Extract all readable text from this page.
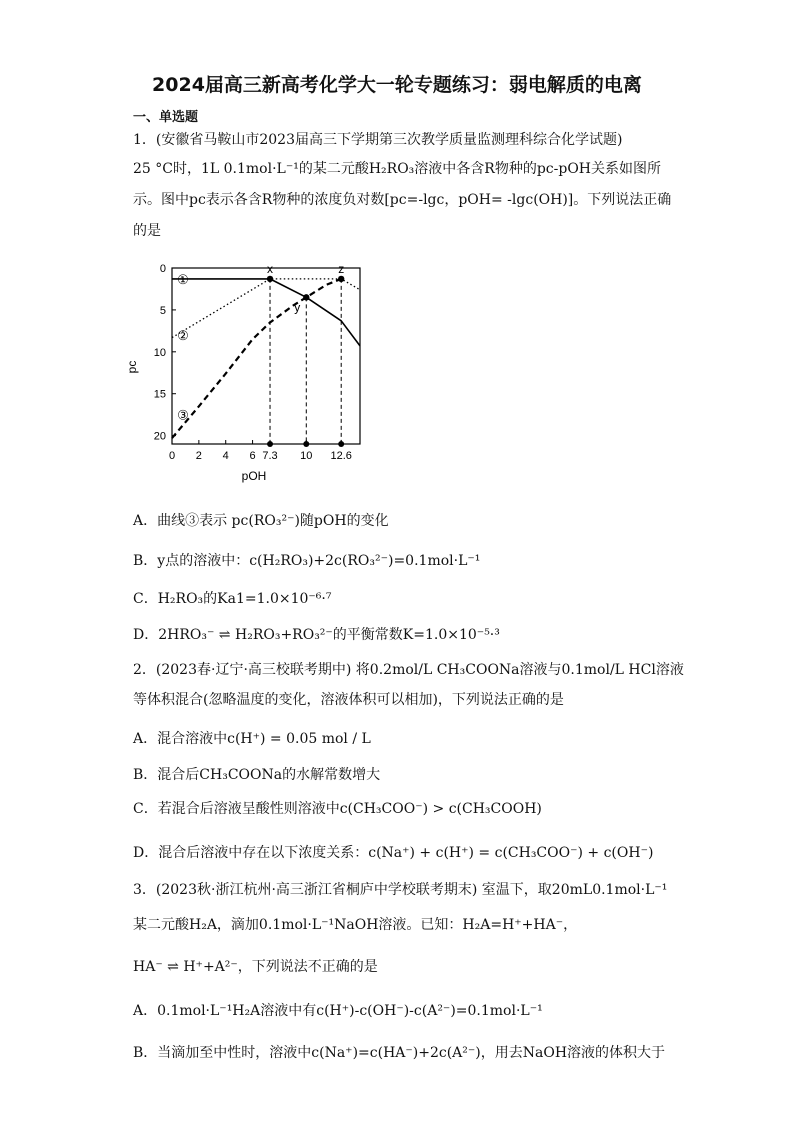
2024届高三新高考化学大一轮专题练习：弱电解质的电离
一、单选题
1．(安徽省马鞍山市2023届高三下学期第三次教学质量监测理科综合化学试题)
25 °C时，1L 0.1mol·L⁻¹的某二元酸H₂RO₃溶液中各含R物种的pc-pOH关系如图所
示。图中pc表示各含R物种的浓度负对数[pc=-lgc，pOH= -lgc(OH)]。下列说法正确
的是
0 2 4 6 7.3 10 12.6
0
5
10
15
20
x
y
z
①
②
③
pc
pOH
A．曲线③表示 pc(RO₃²⁻)随pOH的变化
B．y点的溶液中：c(H₂RO₃)+2c(RO₃²⁻)=0.1mol·L⁻¹
C．H₂RO₃的Ka1=1.0×10⁻⁶·⁷
D．2HRO₃⁻ ⇌ H₂RO₃+RO₃²⁻的平衡常数K=1.0×10⁻⁵·³
2．(2023春·辽宁·高三校联考期中) 将0.2mol/L CH₃COONa溶液与0.1mol/L HCl溶液
等体积混合(忽略温度的变化，溶液体积可以相加)，下列说法正确的是
A．混合溶液中c(H⁺) = 0.05 mol / L
B．混合后CH₃COONa的水解常数增大
C．若混合后溶液呈酸性则溶液中c(CH₃COO⁻) > c(CH₃COOH)
D．混合后溶液中存在以下浓度关系：c(Na⁺) + c(H⁺) = c(CH₃COO⁻) + c(OH⁻)
3．(2023秋·浙江杭州·高三浙江省桐庐中学校联考期末) 室温下，取20mL0.1mol·L⁻¹
某二元酸H₂A，滴加0.1mol·L⁻¹NaOH溶液。已知：H₂A=H⁺+HA⁻，
HA⁻ ⇌ H⁺+A²⁻，下列说法不正确的是
A．0.1mol·L⁻¹H₂A溶液中有c(H⁺)-c(OH⁻)-c(A²⁻)=0.1mol·L⁻¹
B．当滴加至中性时，溶液中c(Na⁺)=c(HA⁻)+2c(A²⁻)，用去NaOH溶液的体积大于
